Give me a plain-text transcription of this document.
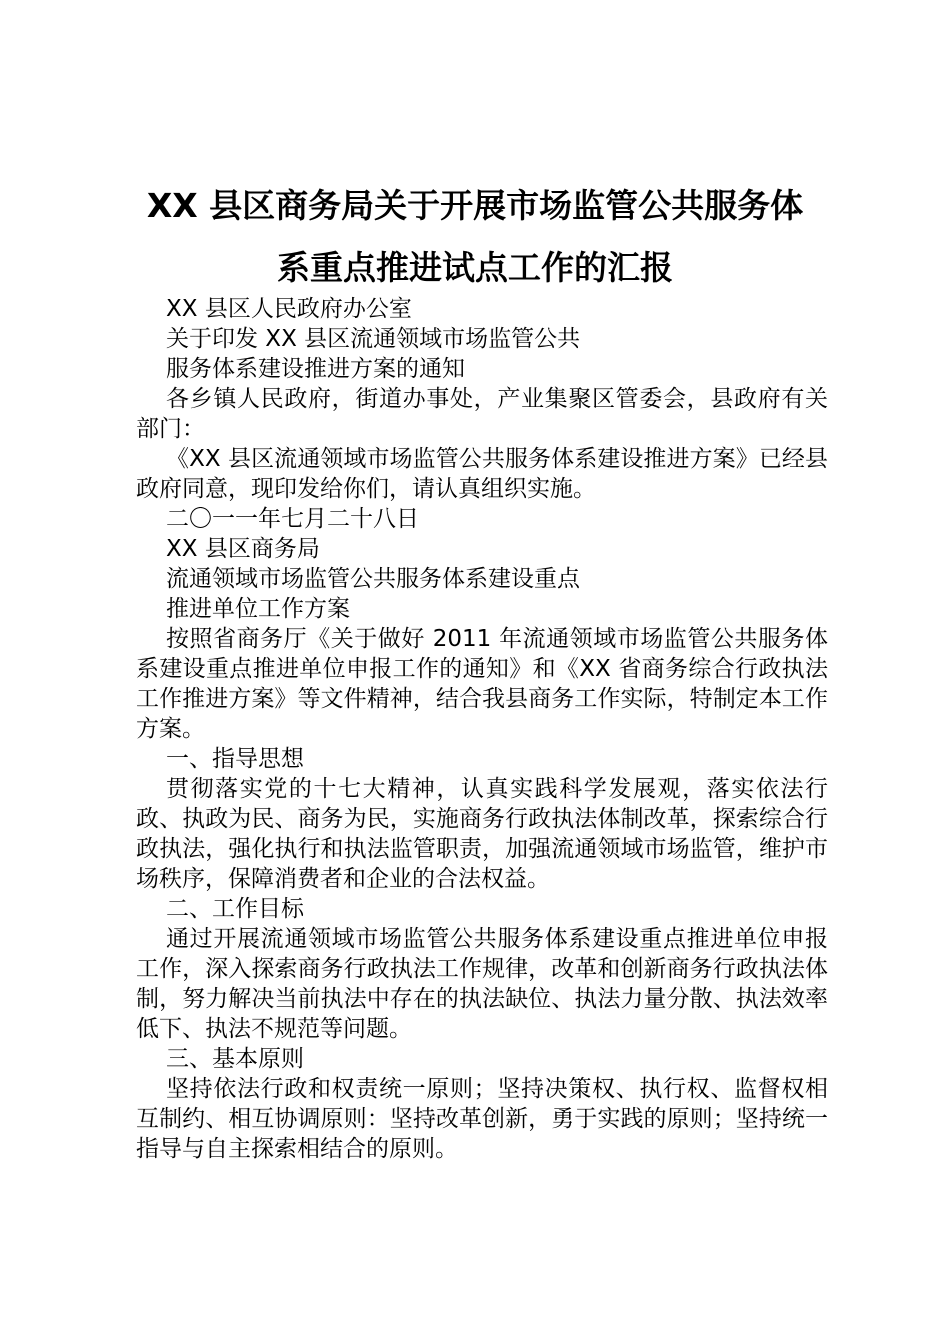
XX 县区商务局关于开展市场监管公共服务体
系重点推进试点工作的汇报

XX 县区人民政府办公室

关于印发 XX 县区流通领域市场监管公共

服务体系建设推进方案的通知

各乡镇人民政府，街道办事处，产业集聚区管委会，县政府有关部门：

《XX 县区流通领域市场监管公共服务体系建设推进方案》已经县政府同意，现印发给你们，请认真组织实施。

二〇一一年七月二十八日

XX 县区商务局

流通领域市场监管公共服务体系建设重点

推进单位工作方案

按照省商务厅《关于做好 2011 年流通领域市场监管公共服务体系建设重点推进单位申报工作的通知》和《XX 省商务综合行政执法工作推进方案》等文件精神，结合我县商务工作实际，特制定本工作方案。

一、指导思想

贯彻落实党的十七大精神，认真实践科学发展观，落实依法行政、执政为民、商务为民，实施商务行政执法体制改革，探索综合行政执法，强化执行和执法监管职责，加强流通领域市场监管，维护市场秩序，保障消费者和企业的合法权益。

二、工作目标

通过开展流通领域市场监管公共服务体系建设重点推进单位申报工作，深入探索商务行政执法工作规律，改革和创新商务行政执法体制，努力解决当前执法中存在的执法缺位、执法力量分散、执法效率低下、执法不规范等问题。

三、基本原则

坚持依法行政和权责统一原则；坚持决策权、执行权、监督权相互制约、相互协调原则：坚持改革创新，勇于实践的原则；坚持统一指导与自主探索相结合的原则。
